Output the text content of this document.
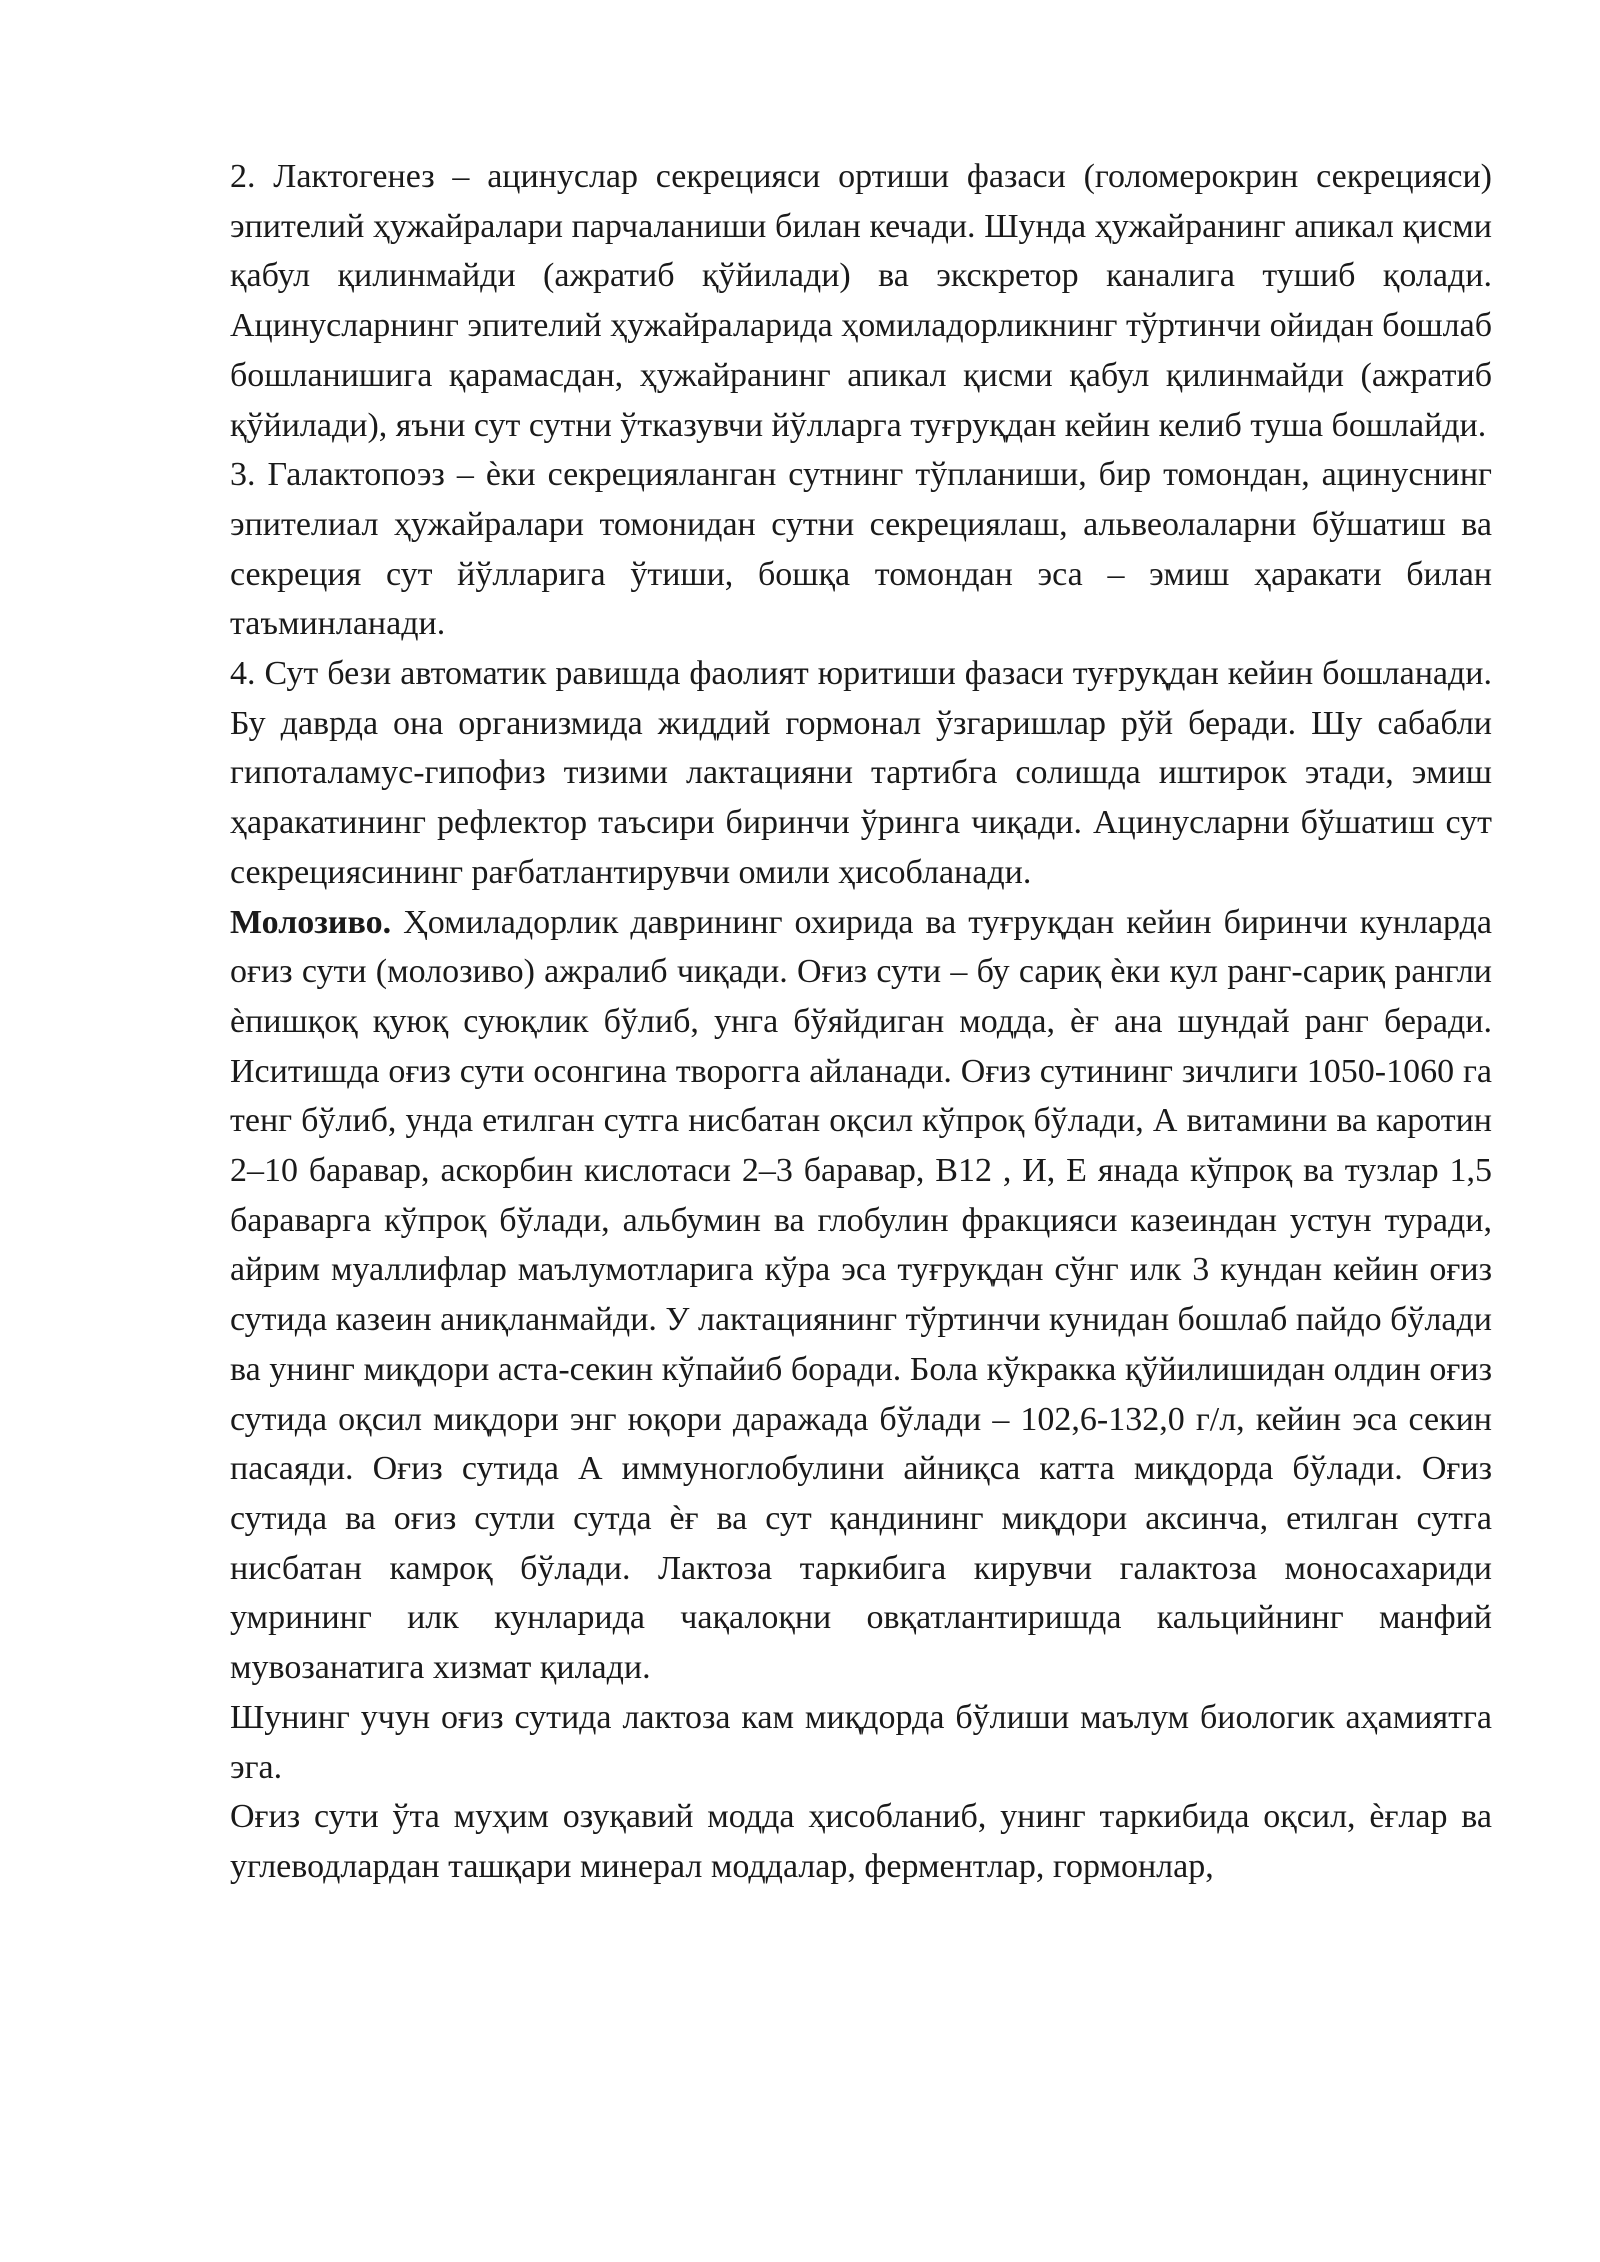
2. Лактогенез – ацинуслар секрецияси ортиши фазаси (голомерокрин секрецияси) эпителий ҳужайралари парчаланиши билан кечади. Шунда ҳужайранинг апикал қисми қабул қилинмайди (ажратиб қўйилади) ва экскретор каналига тушиб қолади. Ацинусларнинг эпителий ҳужайраларида ҳомиладорликнинг тўртинчи ойидан бошлаб бошланишига қарамасдан, ҳужайранинг апикал қисми қабул қилинмайди (ажратиб қўйилади), яъни сут сутни ўтказувчи йўлларга туғруқдан кейин келиб туша бошлайди.

3. Галактопоэз – ѐки секрецияланган сутнинг тўпланиши, бир томондан, ацинуснинг эпителиал ҳужайралари томонидан сутни секрециялаш, альвеолаларни бўшатиш ва секреция сут йўлларига ўтиши, бошқа томондан эса – эмиш ҳаракати билан таъминланади.

4. Сут бези автоматик равишда фаолият юритиши фазаси туғруқдан кейин бошланади. Бу даврда она организмида жиддий гормонал ўзгаришлар рўй беради. Шу сабабли гипоталамус-гипофиз тизими лактацияни тартибга солишда иштирок этади, эмиш ҳаракатининг рефлектор таъсири биринчи ўринга чиқади. Ацинусларни бўшатиш сут секрециясининг рағбатлантирувчи омили ҳисобланади.

Молозиво. Ҳомиладорлик даврининг охирида ва туғруқдан кейин биринчи кунларда оғиз сути (молозиво) ажралиб чиқади. Оғиз сути – бу сариқ ѐки кул ранг-сариқ рангли ѐпишқоқ қуюқ суюқлик бўлиб, унга бўяйдиган модда, ѐғ ана шундай ранг беради. Иситишда оғиз сути осонгина творогга айланади. Оғиз сутининг зичлиги 1050-1060 га тенг бўлиб, унда етилган сутга нисбатан оқсил кўпроқ бўлади, А витамини ва каротин 2–10 баравар, аскорбин кислотаси 2–3 баравар, B12 , И, Е янада кўпроқ ва тузлар 1,5 бараварга кўпроқ бўлади, альбумин ва глобулин фракцияси казеиндан устун туради, айрим муаллифлар маълумотларига кўра эса туғруқдан сўнг илк 3 кундан кейин оғиз сутида казеин аниқланмайди. У лактациянинг тўртинчи кунидан бошлаб пайдо бўлади ва унинг миқдори аста-секин кўпайиб боради. Бола кўкракка қўйилишидан олдин оғиз сутида оқсил миқдори энг юқори даражада бўлади – 102,6-132,0 г/л, кейин эса секин пасаяди. Оғиз сутида А иммуноглобулини айниқса катта миқдорда бўлади. Оғиз сутида ва оғиз сутли сутда ѐғ ва сут қандининг миқдори аксинча, етилган сутга нисбатан камроқ бўлади. Лактоза таркибига кирувчи галактоза моносахариди умрининг илк кунларида чақалоқни овқатлантиришда кальцийнинг манфий мувозанатига хизмат қилади.

Шунинг учун оғиз сутида лактоза кам миқдорда бўлиши маълум биологик аҳамиятга эга.

Оғиз сути ўта муҳим озуқавий модда ҳисобланиб, унинг таркибида оқсил, ѐғлар ва углеводлардан ташқари минерал моддалар, ферментлар, гормонлар,
